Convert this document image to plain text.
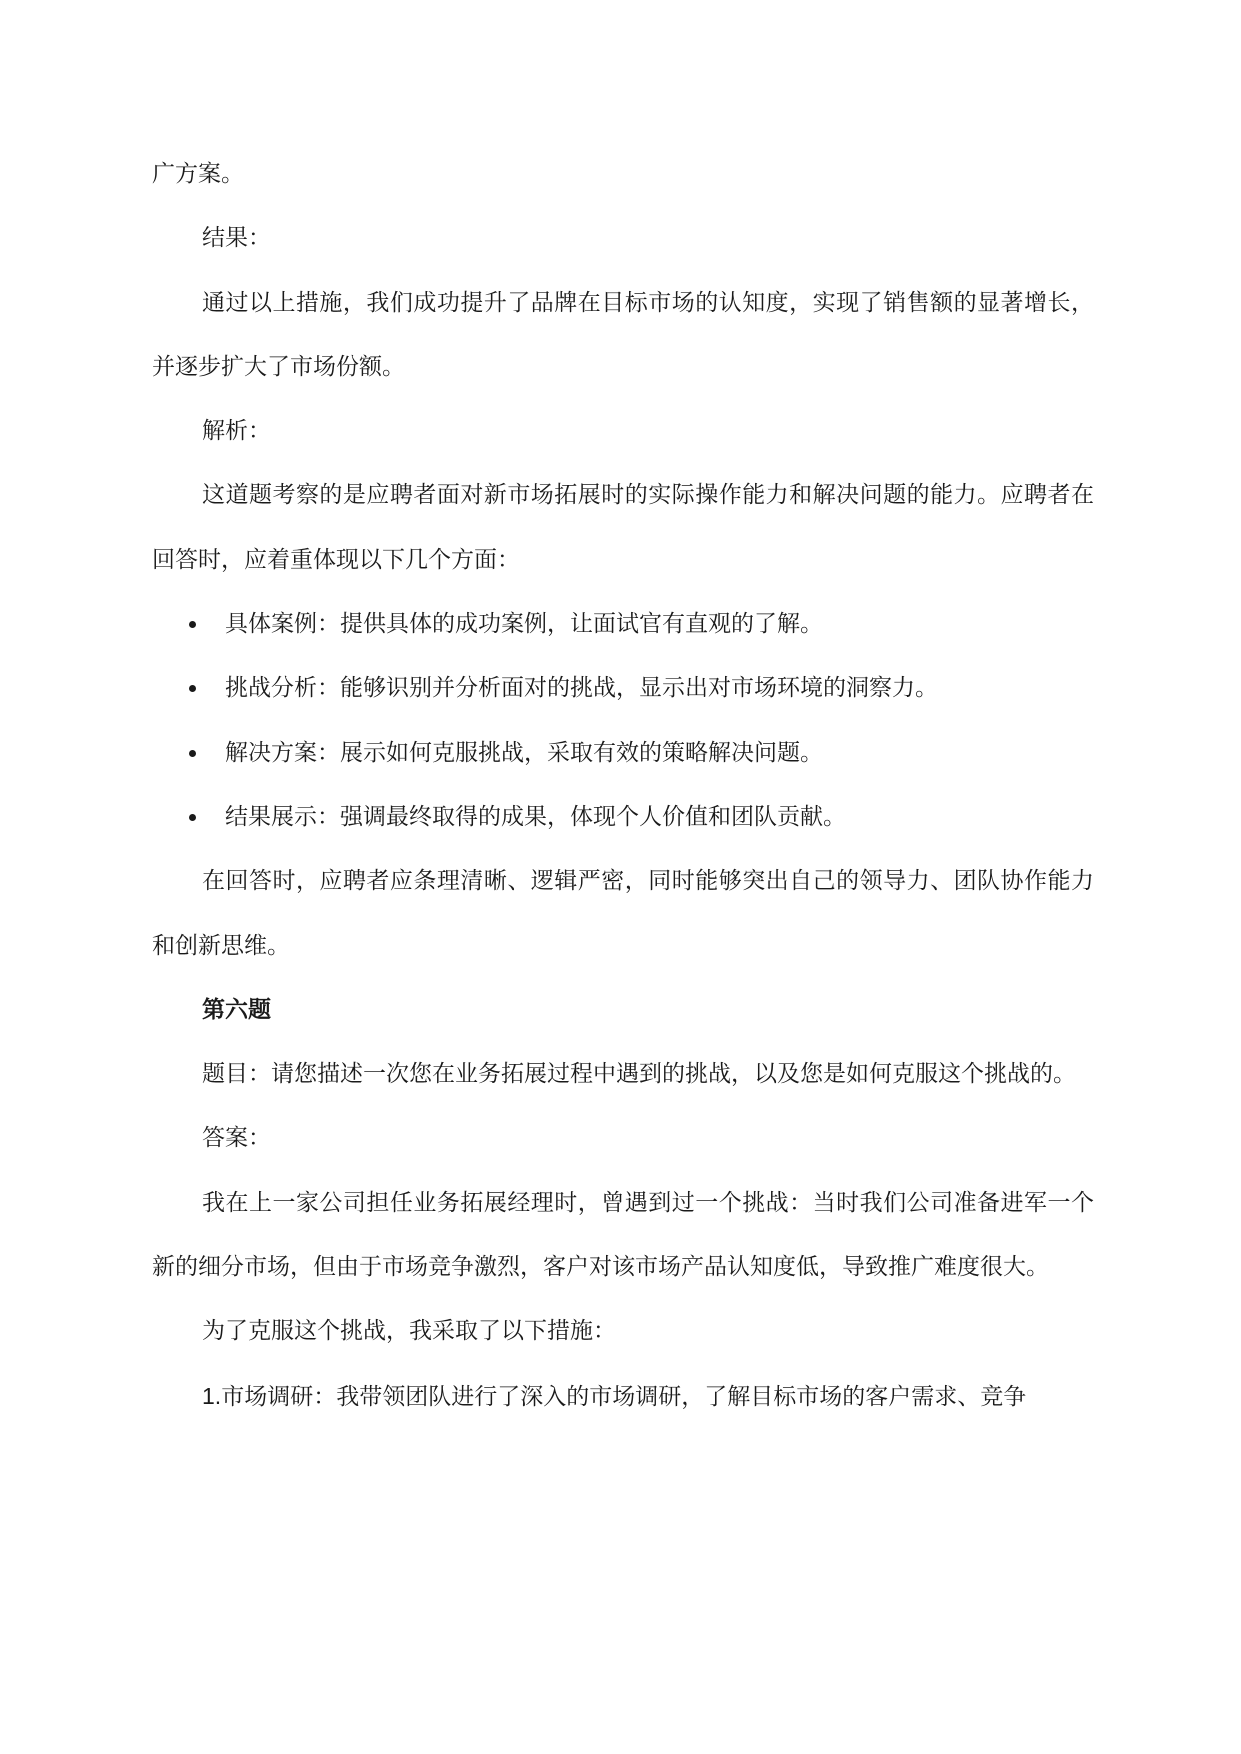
广方案。

结果：

通过以上措施，我们成功提升了品牌在目标市场的认知度，实现了销售额的显著增长，并逐步扩大了市场份额。

解析：

这道题考察的是应聘者面对新市场拓展时的实际操作能力和解决问题的能力。应聘者在回答时，应着重体现以下几个方面：

具体案例：提供具体的成功案例，让面试官有直观的了解。
挑战分析：能够识别并分析面对的挑战，显示出对市场环境的洞察力。
解决方案：展示如何克服挑战，采取有效的策略解决问题。
结果展示：强调最终取得的成果，体现个人价值和团队贡献。

在回答时，应聘者应条理清晰、逻辑严密，同时能够突出自己的领导力、团队协作能力和创新思维。

第六题

题目：请您描述一次您在业务拓展过程中遇到的挑战，以及您是如何克服这个挑战的。

答案：

我在上一家公司担任业务拓展经理时，曾遇到过一个挑战：当时我们公司准备进军一个新的细分市场，但由于市场竞争激烈，客户对该市场产品认知度低，导致推广难度很大。

为了克服这个挑战，我采取了以下措施：

1.市场调研：我带领团队进行了深入的市场调研，了解目标市场的客户需求、竞争
